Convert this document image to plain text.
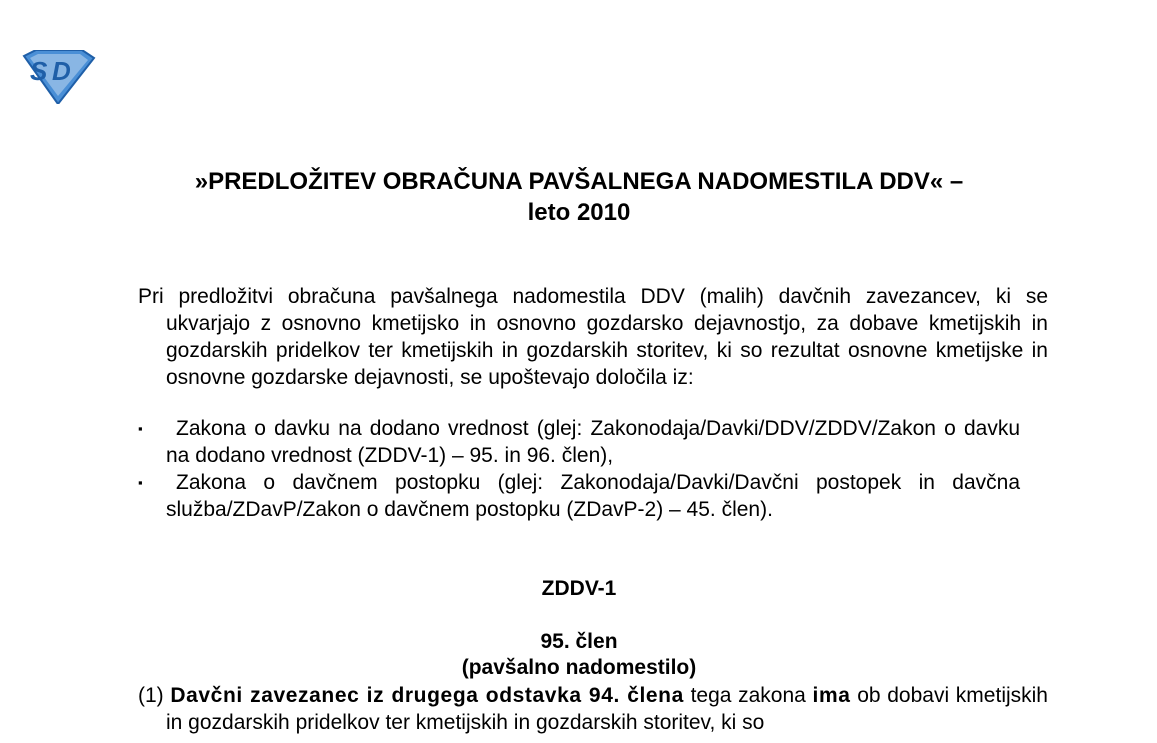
S D
»PREDLOŽITEV OBRAČUNA PAVŠALNEGA NADOMESTILA DDV« –
leto 2010
Pri predložitvi obračuna pavšalnega nadomestila DDV (malih) davčnih zavezancev, ki se ukvarjajo z osnovno kmetijsko in osnovno gozdarsko dejavnostjo, za dobave kmetijskih in gozdarskih pridelkov ter kmetijskih in gozdarskih storitev, ki so rezultat osnovne kmetijske in osnovne gozdarske dejavnosti, se upoštevajo določila iz:
▪	Zakona o davku na dodano vrednost (glej: Zakonodaja/Davki/DDV/ZDDV/Zakon o davku na dodano vrednost (ZDDV-1) – 95. in 96. člen),
▪	Zakona o davčnem postopku (glej: Zakonodaja/Davki/Davčni postopek in davčna služba/ZDavP/Zakon o davčnem postopku (ZDavP-2) – 45. člen).
ZDDV-1
95. člen
(pavšalno nadomestilo)
(1) Davčni zavezanec iz drugega odstavka 94. člena tega zakona ima ob dobavi kmetijskih in gozdarskih pridelkov ter kmetijskih in gozdarskih storitev, ki so
